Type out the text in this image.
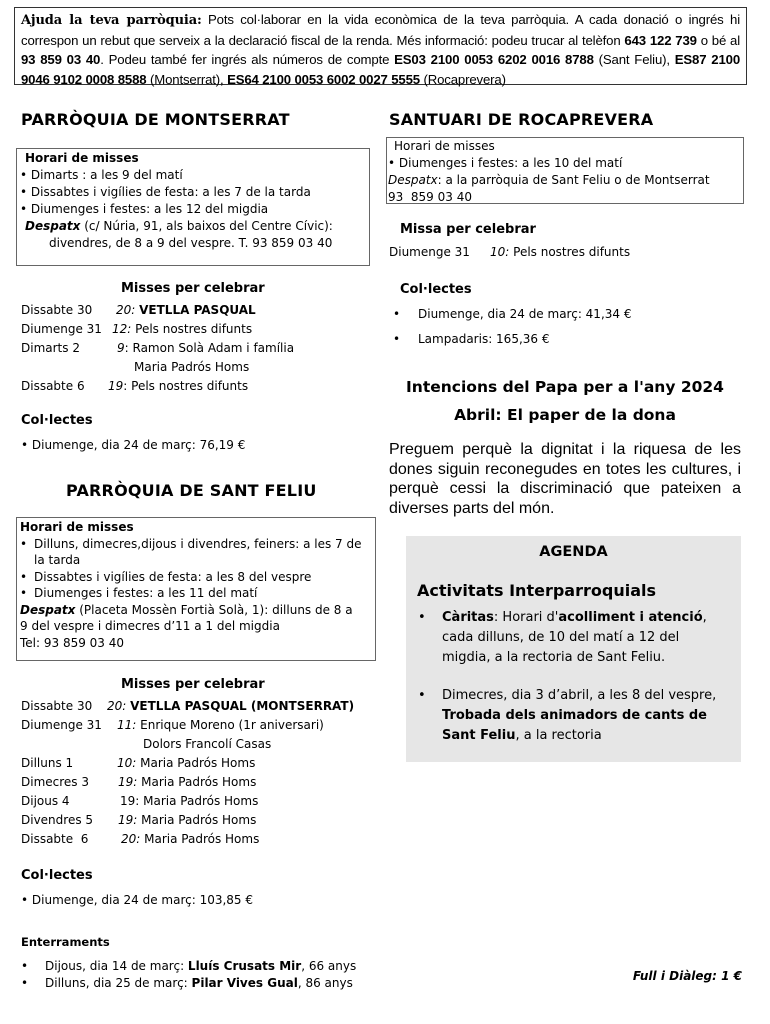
Ajuda la teva parròquia: Pots col·laborar en la vida econòmica de la teva parròquia. A cada donació o ingrés hi correspon un rebut que serveix a la declaració fiscal de la renda. Més informació: podeu trucar al telèfon 643 122 739 o bé al 93 859 03 40. Podeu també fer ingrés als números de compte ES03 2100 0053 6202 0016 8788 (Sant Feliu), ES87 2100 9046 9102 0008 8588 (Montserrat), ES64 2100 0053 6002 0027 5555 (Rocaprevera)
PARRÒQUIA DE MONTSERRAT
Horari de misses
• Dimarts : a les 9 del matí
• Dissabtes i vigílies de festa: a les 7 de la tarda
• Diumenges i festes: a les 12 del migdia
Despatx (c/ Núria, 91, als baixos del Centre Cívic):
divendres, de 8 a 9 del vespre. T. 93 859 03 40
Misses per celebrar
Dissabte 30 20: VETLLA PASQUAL
Diumenge 31 12: Pels nostres difunts
Dimarts 2	9: Ramon Solà Adam i família
Maria Padrós Homs
Dissabte 6 19: Pels nostres difunts
Col·lectes
• Diumenge, dia 24 de març: 76,19 €
PARRÒQUIA DE SANT FELIU
Horari de misses
• Dilluns, dimecres,dijous i divendres, feiners: a les 7 de
la tarda
• Dissabtes i vigílies de festa: a les 8 del vespre
• Diumenges i festes: a les 11 del matí
Despatx (Placeta Mossèn Fortià Solà, 1): dilluns de 8 a
9 del vespre i dimecres d’11 a 1 del migdia
Tel: 93 859 03 40
Misses per celebrar
Dissabte 30 20: VETLLA PASQUAL (MONTSERRAT)
Diumenge 31 11: Enrique Moreno (1r aniversari)
Dolors Francolí Casas
Dilluns 1	10: Maria Padrós Homs
Dimecres 3 19: Maria Padrós Homs
Dijous 4	19: Maria Padrós Homs
Divendres 5 19: Maria Padrós Homs
Dissabte  6	20: Maria Padrós Homs
Col·lectes
• Diumenge, dia 24 de març: 103,85 €
Enterraments
• Dijous, dia 14 de març: Lluís Crusats Mir, 66 anys
• Dilluns, dia 25 de març: Pilar Vives Gual, 86 anys
SANTUARI DE ROCAPREVERA
Horari de misses
• Diumenges i festes: a les 10 del matí
Despatx: a la parròquia de Sant Feliu o de Montserrat
93  859 03 40
Missa per celebrar
Diumenge 31 10: Pels nostres difunts
Col·lectes
• Diumenge, dia 24 de març: 41,34 €
• Lampadaris: 165,36 €
Intencions del Papa per a l'any 2024
Abril: El paper de la dona
Preguem perquè la dignitat i la riquesa de les dones siguin reconegudes en totes les cultures, i perquè cessi la discriminació que pateixen a diverses parts del món.
AGENDA
Activitats Interparroquials
•	Càritas: Horari d'acolliment i atenció, cada dilluns, de 10 del matí a 12 del migdia, a la rectoria de Sant Feliu.
•	Dimecres, dia 3 d’abril, a les 8 del vespre, Trobada dels animadors de cants de Sant Feliu, a la rectoria
Full i Diàleg: 1 €
